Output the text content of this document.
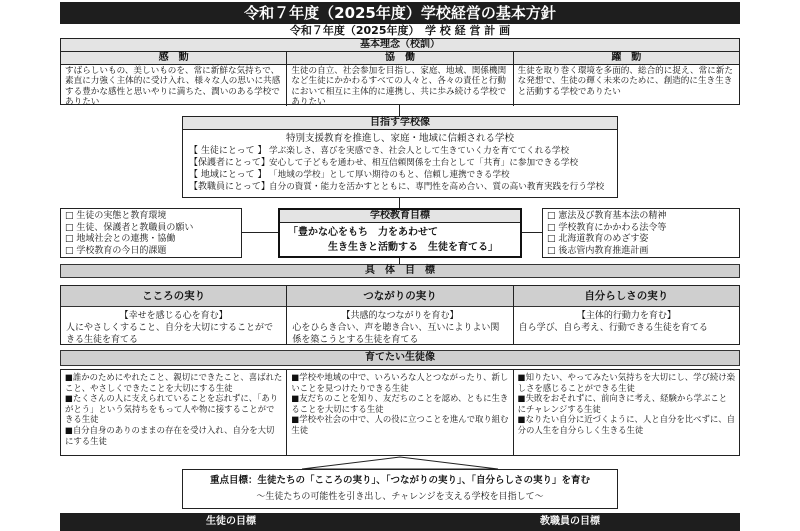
令和７年度（2025年度）学校経営の基本方針
令和７年度（2025年度）　学 校 経 営 計 画
基本理念（校訓）
感　動
すばらしいもの、美しいものを、常に新鮮な気持ちで、素直に力強く主体的に受け入れ、様々な人の思いに共感する豊かな感性と思いやりに満ちた、潤いのある学校でありたい
協　働
生徒の自立、社会参加を目指し、家庭、地域、関係機関など生徒にかかわるすべての人々と、各々の責任と行動において相互に主体的に連携し、共に歩み続ける学校でありたい
躍　動
生徒を取り巻く環境を多面的、総合的に捉え、常に新たな発想で、生徒の輝く未来のために、創造的に生き生きと活動する学校でありたい
目指す学校像
特別支援教育を推進し、家庭・地域に信頼される学校
【 生徒にとって 】 学ぶ楽しさ、喜びを実感でき、社会人として生きていく力を育ててくれる学校
【保護者にとって】 安心して子どもを通わせ、相互信頼関係を土台として「共育」に参加できる学校
【 地域にとって 】 「地域の学校」として厚い期待のもと、信頼し連携できる学校
【教職員にとって】 自分の資質・能力を活かすとともに、専門性を高め合い、質の高い教育実践を行う学校
□ 生徒の実態と教育環境
□ 生徒、保護者と教職員の願い
□ 地域社会との連携・協働
□ 学校教育の今日的課題
学校教育目標
「豊かな心をもち　力をあわせて
生き生きと活動する　生徒を育てる」
□ 憲法及び教育基本法の精神
□ 学校教育にかかわる法令等
□ 北海道教育のめざす姿
□ 後志管内教育推進計画
具　体　目　標
こころの実り
【幸せを感じる心を育む】
人にやさしくすること、自分を大切にすることができる生徒を育てる
つながりの実り
【共感的なつながりを育む】
心をひらき合い、声を聴き合い、互いによりよい関係を築こうとする生徒を育てる
自分らしさの実り
【主体的行動力を育む】
自ら学び、自ら考え、行動できる生徒を育てる
育てたい生徒像
■誰かのためにやれたこと、親切にできたこと、喜ばれたこと、やさしくできたことを大切にする生徒
■たくさんの人に支えられていることを忘れずに、「ありがとう」という気持ちをもって人や物に接することができる生徒
■自分自身のありのままの存在を受け入れ、自分を大切にする生徒
■学校や地域の中で、いろいろな人とつながったり、新しいことを見つけたりできる生徒
■友だちのことを知り、友だちのことを認め、ともに生きることを大切にする生徒
■学校や社会の中で、人の役に立つことを進んで取り組む生徒
■知りたい、やってみたい気持ちを大切にし、学び続け楽しさを感じることができる生徒
■失敗をおそれずに、前向きに考え、経験から学ぶことにチャレンジする生徒
■なりたい自分に近づくように、人と自分を比べずに、自分の人生を自分らしく生きる生徒
重点目標：生徒たちの「こころの実り」、「つながりの実り」、「自分らしさの実り」を育む
～生徒たちの可能性を引き出し、チャレンジを支える学校を目指して～
生徒の目標	教職員の目標
